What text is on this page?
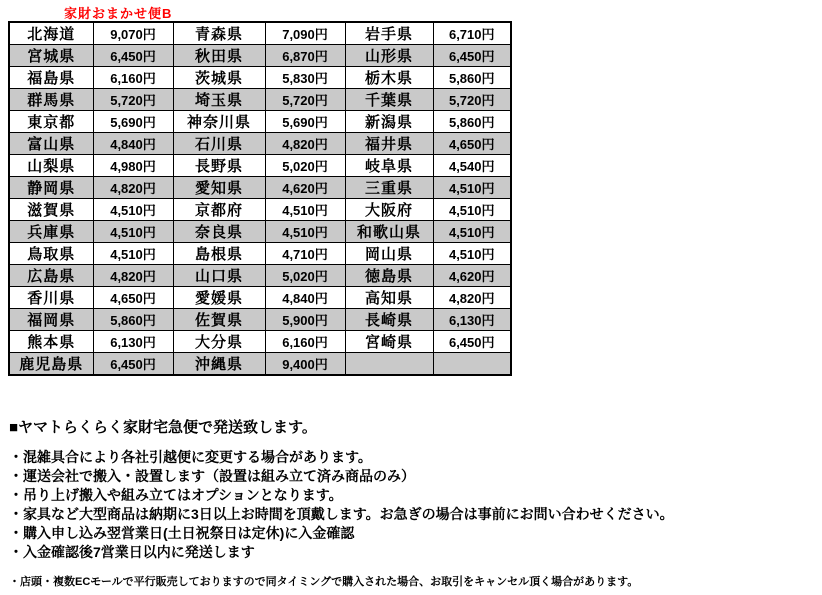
家財おまかせ便B
北海道	9,070円	青森県	7,090円	岩手県	6,710円
宮城県	6,450円	秋田県	6,870円	山形県	6,450円
福島県	6,160円	茨城県	5,830円	栃木県	5,860円
群馬県	5,720円	埼玉県	5,720円	千葉県	5,720円
東京都	5,690円	神奈川県	5,690円	新潟県	5,860円
富山県	4,840円	石川県	4,820円	福井県	4,650円
山梨県	4,980円	長野県	5,020円	岐阜県	4,540円
静岡県	4,820円	愛知県	4,620円	三重県	4,510円
滋賀県	4,510円	京都府	4,510円	大阪府	4,510円
兵庫県	4,510円	奈良県	4,510円	和歌山県	4,510円
鳥取県	4,510円	島根県	4,710円	岡山県	4,510円
広島県	4,820円	山口県	5,020円	徳島県	4,620円
香川県	4,650円	愛媛県	4,840円	高知県	4,820円
福岡県	5,860円	佐賀県	5,900円	長崎県	6,130円
熊本県	6,130円	大分県	6,160円	宮崎県	6,450円
鹿児島県	6,450円	沖縄県	9,400円		
■ヤマトらくらく家財宅急便で発送致します。
・混雑具合により各社引越便に変更する場合があります。
・運送会社で搬入・設置します（設置は組み立て済み商品のみ）
・吊り上げ搬入や組み立てはオプションとなります。
・家具など大型商品は納期に3日以上お時間を頂戴します。お急ぎの場合は事前にお問い合わせください。
・購入申し込み翌営業日(土日祝祭日は定休)に入金確認
・入金確認後7営業日以内に発送します
・店頭・複数ECモールで平行販売しておりますので同タイミングで購入された場合、お取引をキャンセル頂く場合があります。
